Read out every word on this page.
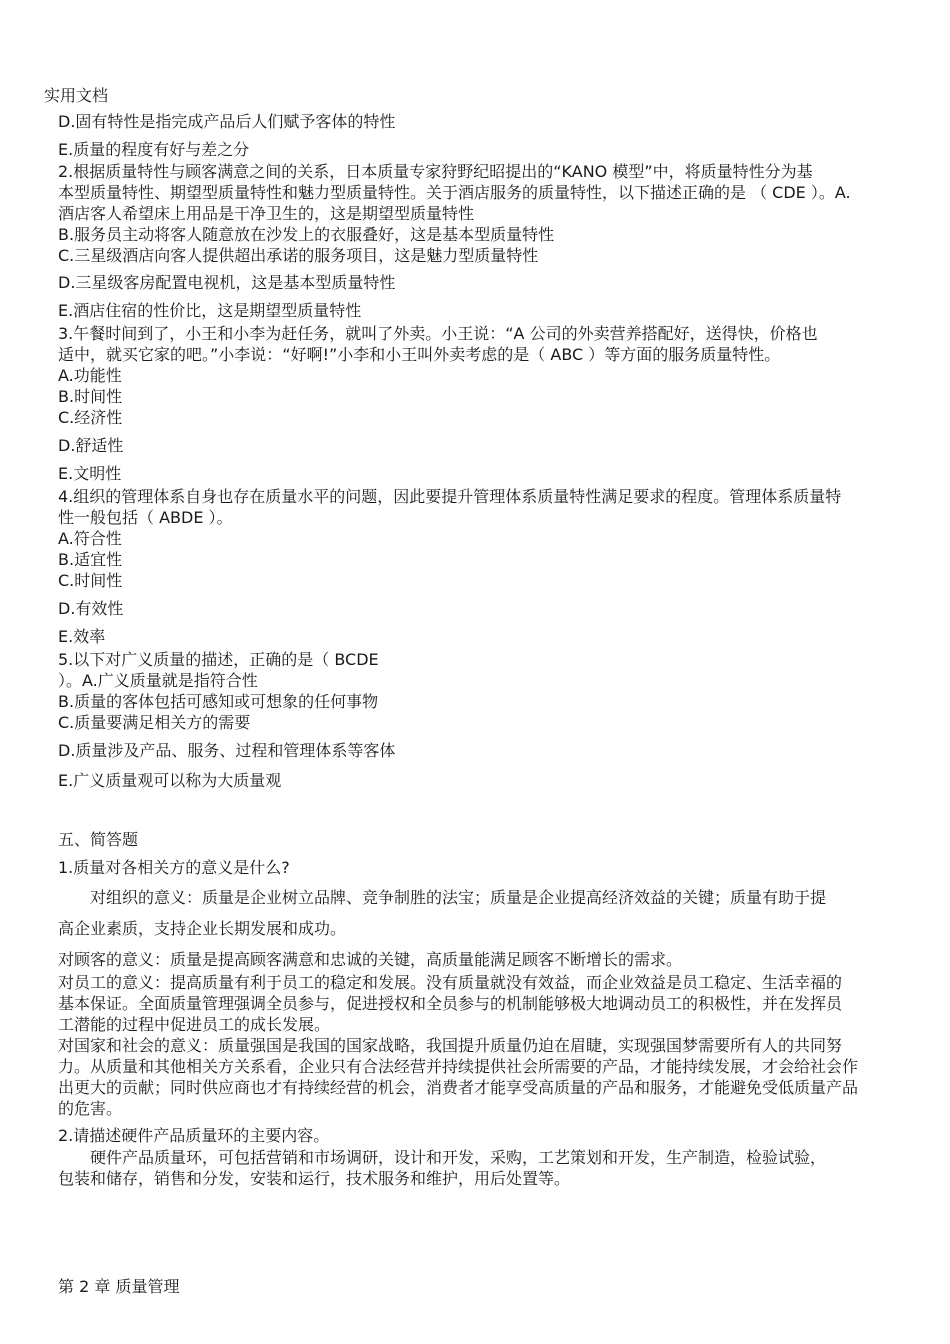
实用文档

D.固有特性是指完成产品后人们赋予客体的特性

E.质量的程度有好与差之分

2.根据质量特性与顾客满意之间的关系，日本质量专家狩野纪昭提出的“KANO 模型”中，将质量特性分为基

本型质量特性、期望型质量特性和魅力型质量特性。关于酒店服务的质量特性，以下描述正确的是 （ CDE ）。A.

酒店客人希望床上用品是干净卫生的，这是期望型质量特性

B.服务员主动将客人随意放在沙发上的衣服叠好，这是基本型质量特性

C.三星级酒店向客人提供超出承诺的服务项目，这是魅力型质量特性

D.三星级客房配置电视机，这是基本型质量特性

E.酒店住宿的性价比，这是期望型质量特性

3.午餐时间到了，小王和小李为赶任务，就叫了外卖。小王说：“A 公司的外卖营养搭配好，送得快，价格也

适中，就买它家的吧。”小李说：“好啊!”小李和小王叫外卖考虑的是（ ABC ）等方面的服务质量特性。

A.功能性

B.时间性

C.经济性

D.舒适性

E.文明性

4.组织的管理体系自身也存在质量水平的问题，因此要提升管理体系质量特性满足要求的程度。管理体系质量特

性一般包括（ ABDE ）。

A.符合性

B.适宜性

C.时间性

D.有效性

E.效率

5.以下对广义质量的描述，正确的是（ BCDE

）。A.广义质量就是指符合性

B.质量的客体包括可感知或可想象的任何事物

C.质量要满足相关方的需要

D.质量涉及产品、服务、过程和管理体系等客体

E.广义质量观可以称为大质量观

五、简答题

1.质量对各相关方的意义是什么?

对组织的意义：质量是企业树立品牌、竞争制胜的法宝；质量是企业提高经济效益的关键；质量有助于提

高企业素质，支持企业长期发展和成功。

对顾客的意义：质量是提高顾客满意和忠诚的关键，高质量能满足顾客不断增长的需求。

对员工的意义：提高质量有利于员工的稳定和发展。没有质量就没有效益，而企业效益是员工稳定、生活幸福的

基本保证。全面质量管理强调全员参与，促进授权和全员参与的机制能够极大地调动员工的积极性，并在发挥员

工潜能的过程中促进员工的成长发展。

对国家和社会的意义：质量强国是我国的国家战略，我国提升质量仍迫在眉睫，实现强国梦需要所有人的共同努

力。从质量和其他相关方关系看，企业只有合法经营并持续提供社会所需要的产品，才能持续发展，才会给社会作

出更大的贡献；同时供应商也才有持续经营的机会，消费者才能享受高质量的产品和服务，才能避免受低质量产品

的危害。

2.请描述硬件产品质量环的主要内容。

硬件产品质量环，可包括营销和市场调研，设计和开发，采购，工艺策划和开发，生产制造，检验试验，

包装和储存，销售和分发，安装和运行，技术服务和维护，用后处置等。

第 2 章 质量管理
